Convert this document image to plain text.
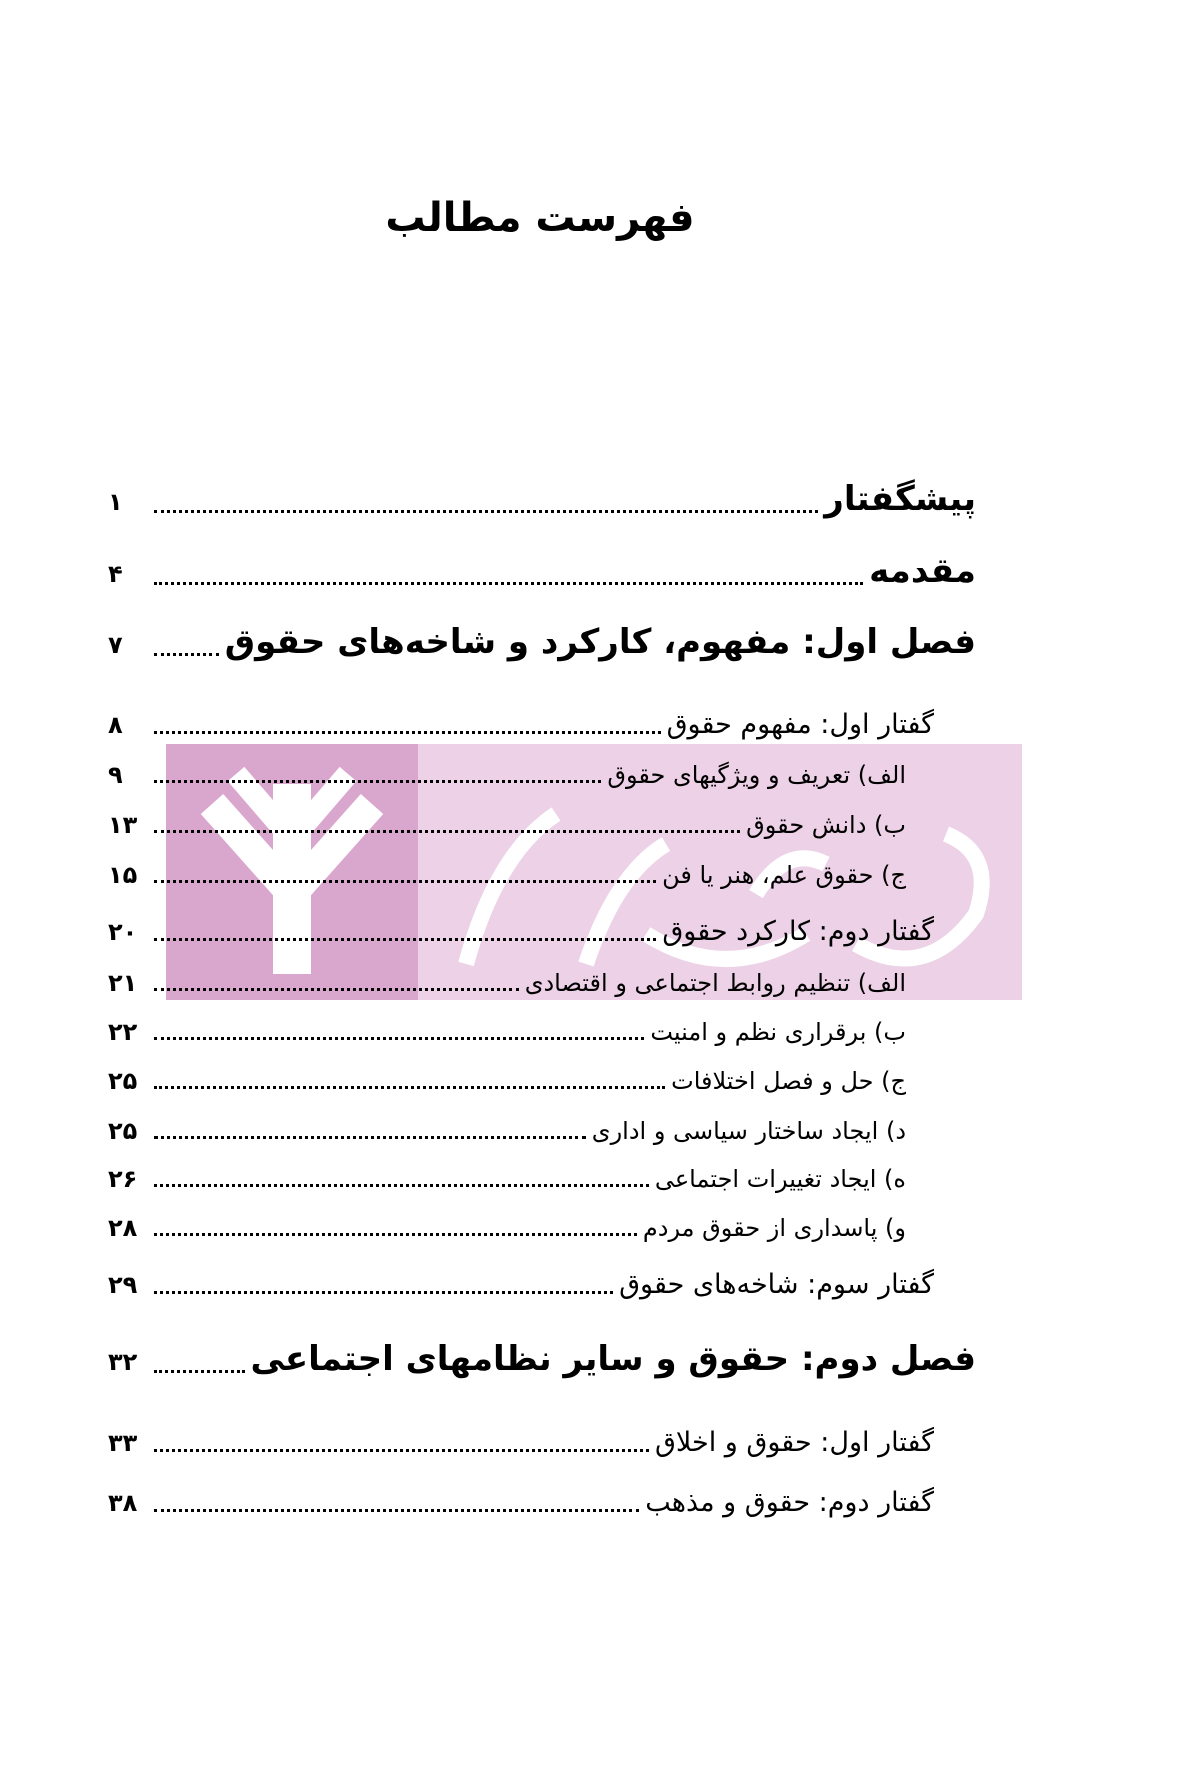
فهرست مطالب
پیشگفتار
۱
مقدمه
۴
فصل اول: مفهوم، کارکرد و شاخه‌های حقوق
۷
گفتار اول: مفهوم حقوق
۸
الف) تعریف و ویژگیهای حقوق
۹
ب) دانش حقوق
۱۳
ج) حقوق علم، هنر یا فن
۱۵
گفتار دوم: کارکرد حقوق
۲۰
الف) تنظیم روابط اجتماعی و اقتصادی
۲۱
ب) برقراری نظم و امنیت
۲۲
ج) حل و فصل اختلافات
۲۵
د) ایجاد ساختار سیاسی و اداری
۲۵
ه) ایجاد تغییرات اجتماعی
۲۶
و) پاسداری از حقوق مردم
۲۸
گفتار سوم: شاخه‌های حقوق
۲۹
فصل دوم: حقوق و سایر نظامهای اجتماعی
۳۲
گفتار اول: حقوق و اخلاق
۳۳
گفتار دوم: حقوق و مذهب
۳۸
